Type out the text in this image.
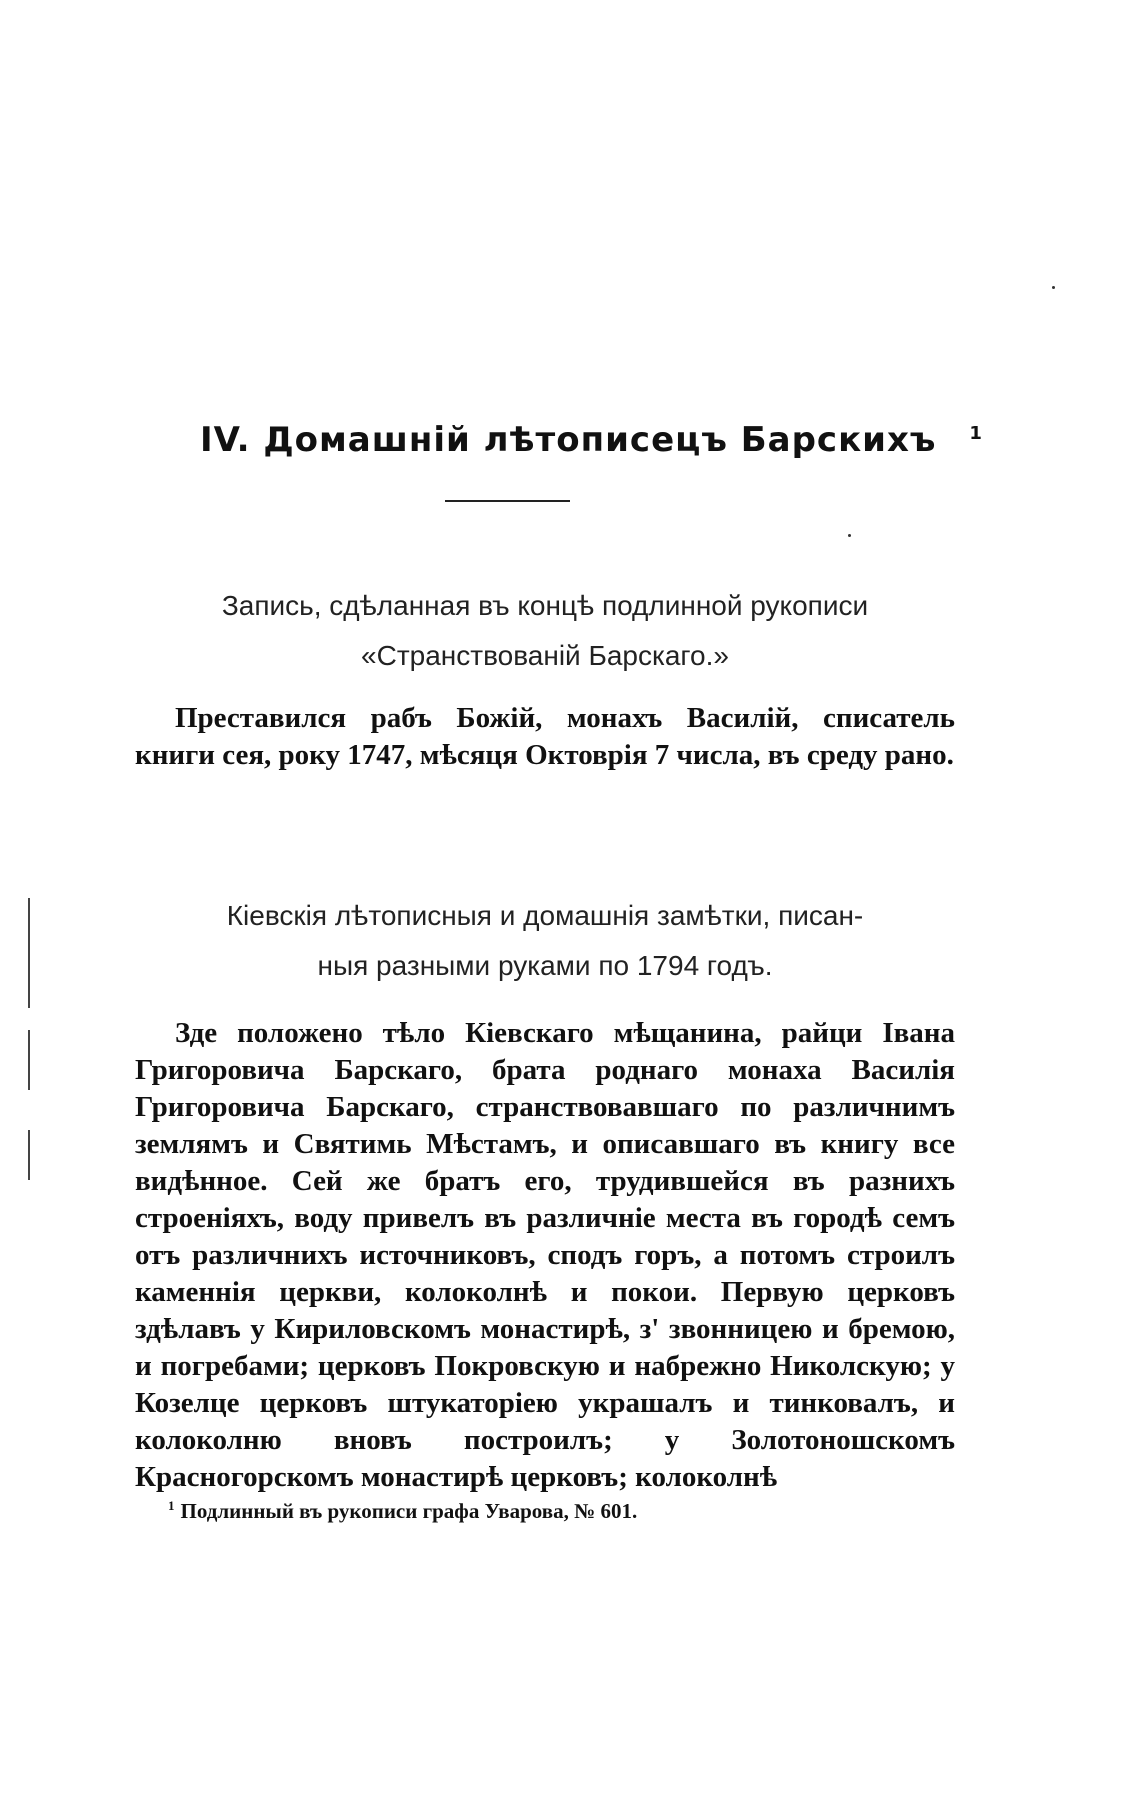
IV. Домашній лѣтописецъ Барскихъ $^1$
Запись, сдѣланная въ концѣ подлинной рукописи
«Странствованій Барскаго.»
Преставился рабъ Божій, монахъ Василій, списатель книги сея, року 1747, мѣсяця Октоврія 7 числа, въ среду рано.
Кіевскія лѣтописныя и домашнія замѣтки, писан-
ныя разными руками по 1794 годъ.
Зде положено тѣло Кіевскаго мѣщанина, райци Івана Григоровича Барскаго, брата роднаго монаха Василія Григоровича Барскаго, странствовавшаго по различнимъ землямъ и Святимь Мѣстамъ, и описавшаго въ книгу все видѣнное. Сей же братъ его, трудившейся въ разнихъ строеніяхъ, воду привелъ въ различніе места въ городѣ семъ отъ различнихъ источниковъ, сподъ горъ, а потомъ строилъ каменнія церкви, колоколнѣ и покои. Первую церковъ здѣлавъ у Кириловскомъ монастирѣ, з' звонницею и бремою, и погребами; церковъ Покровскую и набрежно Николскую; у Козелце церковъ штукаторіею украшалъ и тинковалъ, и колоколню вновъ построилъ; у Золотоношскомъ Красногорскомъ монастирѣ церковъ; колоколнѣ
$^1$ Подлинный въ рукописи графа Уварова, № 601.
